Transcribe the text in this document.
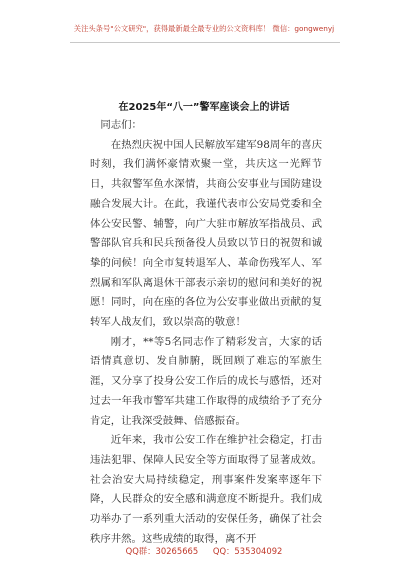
关注头条号"公文研究"，获得最新最全最专业的公文资料库！ 微信：gongwenyj
在2025年“八一”警军座谈会上的讲话

同志们：

在热烈庆祝中国人民解放军建军98周年的喜庆时刻，我们满怀豪情欢聚一堂，共庆这一光辉节日，共叙警军鱼水深情，共商公安事业与国防建设融合发展大计。在此，我谨代表市公安局党委和全体公安民警、辅警，向广大驻市解放军指战员、武警部队官兵和民兵预备役人员致以节日的祝贺和诚挚的问候！向全市复转退军人、革命伤残军人、军烈属和军队离退休干部表示亲切的慰问和美好的祝愿！同时，向在座的各位为公安事业做出贡献的复转军人战友们，致以崇高的敬意！

刚才，**等5名同志作了精彩发言，大家的话语情真意切、发自肺腑，既回顾了难忘的军旅生涯，又分享了投身公安工作后的成长与感悟，还对过去一年我市警军共建工作取得的成绩给予了充分肯定，让我深受鼓舞、倍感振奋。

近年来，我市公安工作在维护社会稳定，打击违法犯罪、保障人民安全等方面取得了显著成效。社会治安大局持续稳定，刑事案件发案率逐年下降，人民群众的安全感和满意度不断提升。我们成功举办了一系列重大活动的安保任务，确保了社会秩序井然。这些成绩的取得，离不开

QQ群：30265665 QQ：535304092
